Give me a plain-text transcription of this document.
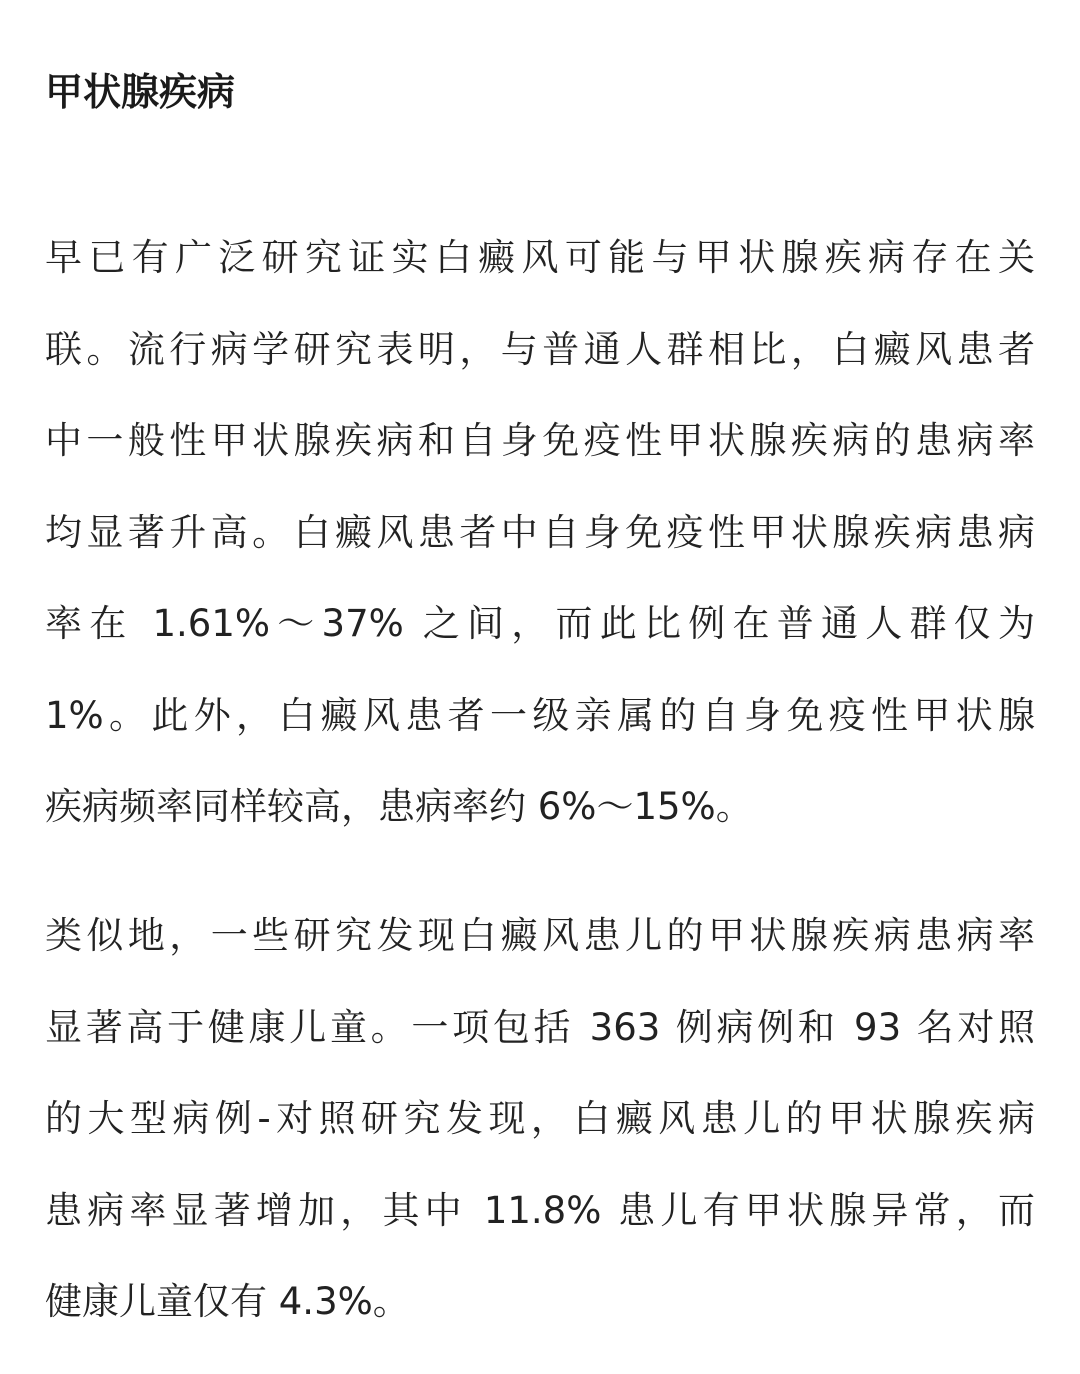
甲状腺疾病

早已有广泛研究证实白癜风可能与甲状腺疾病存在关
联。流行病学研究表明，与普通人群相比，白癜风患者
中一般性甲状腺疾病和自身免疫性甲状腺疾病的患病率
均显著升高。白癜风患者中自身免疫性甲状腺疾病患病
率在 1.61%～37% 之间，而此比例在普通人群仅为
1%。此外，白癜风患者一级亲属的自身免疫性甲状腺
疾病频率同样较高，患病率约 6%～15%。

类似地，一些研究发现白癜风患儿的甲状腺疾病患病率
显著高于健康儿童。一项包括 363 例病例和 93 名对照
的大型病例-对照研究发现，白癜风患儿的甲状腺疾病
患病率显著增加，其中 11.8% 患儿有甲状腺异常，而
健康儿童仅有 4.3%。
